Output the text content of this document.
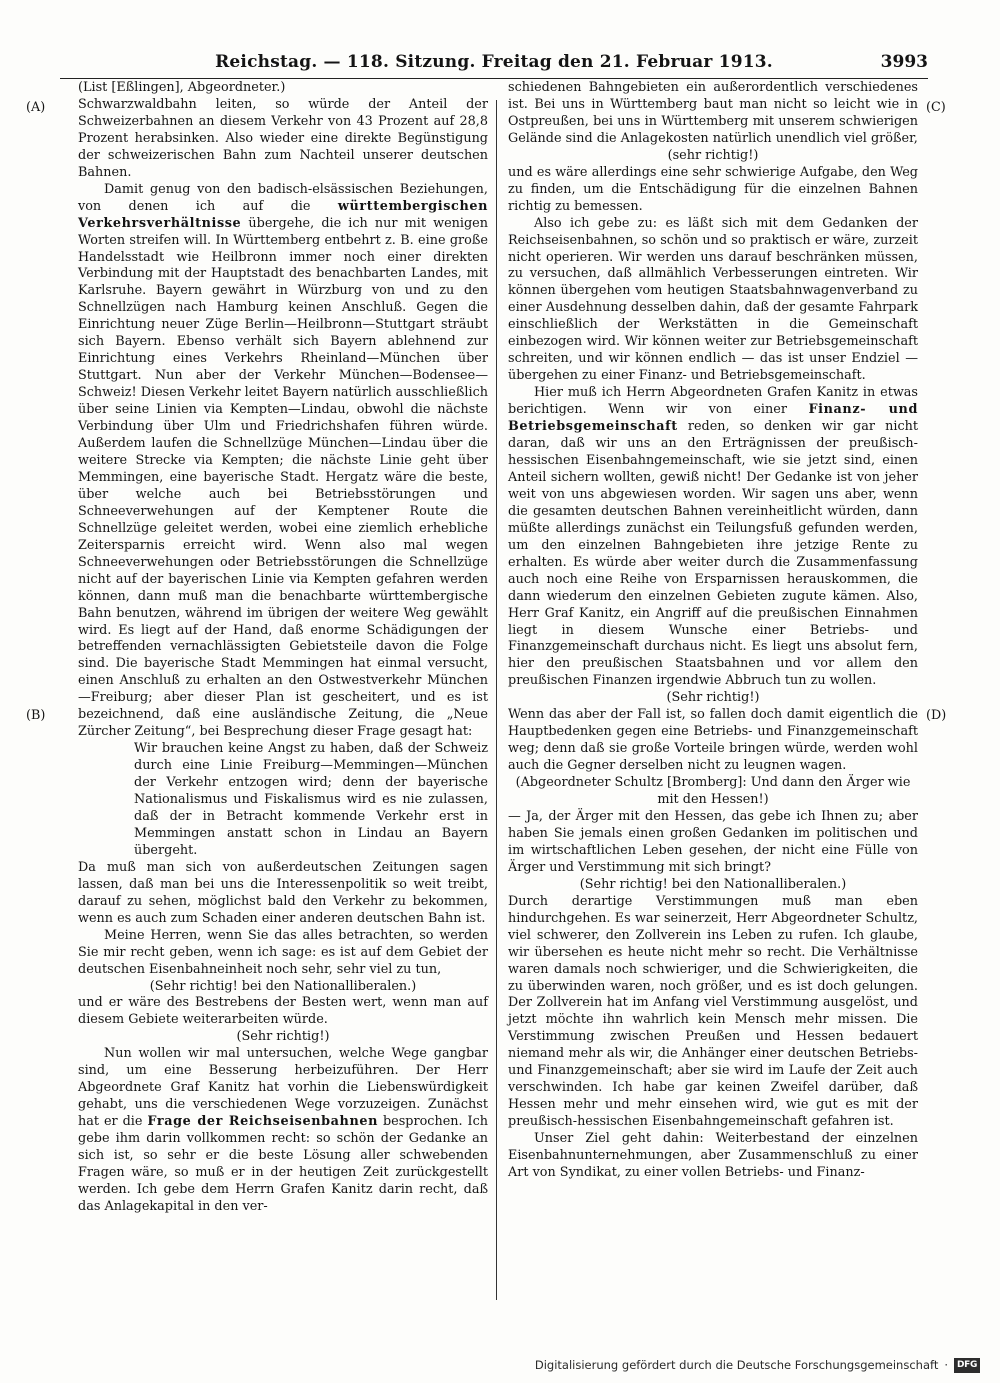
Reichstag. — 118. Sitzung. Freitag den 21. Februar 1913.	3993
(A)
(B)
(C)
(D)

(List [Eßlingen], Abgeordneter.)

Schwarzwaldbahn leiten, so würde der Anteil der Schweizerbahnen an diesem Verkehr von 43 Prozent auf 28,8 Prozent herabsinken. Also wieder eine direkte Begünstigung der schweizerischen Bahn zum Nachteil unserer deutschen Bahnen.

Damit genug von den badisch-elsässischen Beziehungen, von denen ich auf die württembergischen Verkehrsverhältnisse übergehe, die ich nur mit wenigen Worten streifen will. In Württemberg entbehrt z. B. eine große Handelsstadt wie Heilbronn immer noch einer direkten Verbindung mit der Hauptstadt des benachbarten Landes, mit Karlsruhe. Bayern gewährt in Würzburg von und zu den Schnellzügen nach Hamburg keinen Anschluß. Gegen die Einrichtung neuer Züge Berlin—Heilbronn—Stuttgart sträubt sich Bayern. Ebenso verhält sich Bayern ablehnend zur Einrichtung eines Verkehrs Rheinland—München über Stuttgart. Nun aber der Verkehr München—Bodensee—Schweiz! Diesen Verkehr leitet Bayern natürlich ausschließlich über seine Linien via Kempten—Lindau, obwohl die nächste Verbindung über Ulm und Friedrichshafen führen würde. Außerdem laufen die Schnellzüge München—Lindau über die weitere Strecke via Kempten; die nächste Linie geht über Memmingen, eine bayerische Stadt. Hergatz wäre die beste, über welche auch bei Betriebsstörungen und Schneeverwehungen auf der Kemptener Route die Schnellzüge geleitet werden, wobei eine ziemlich erhebliche Zeitersparnis erreicht wird. Wenn also mal wegen Schneeverwehungen oder Betriebsstörungen die Schnellzüge nicht auf der bayerischen Linie via Kempten gefahren werden können, dann muß man die benachbarte württembergische Bahn benutzen, während im übrigen der weitere Weg gewählt wird. Es liegt auf der Hand, daß enorme Schädigungen der betreffenden vernachlässigten Gebietsteile davon die Folge sind. Die bayerische Stadt Memmingen hat einmal versucht, einen Anschluß zu erhalten an den Ostwestverkehr München—Freiburg; aber dieser Plan ist gescheitert, und es ist bezeichnend, daß eine ausländische Zeitung, die „Neue Zürcher Zeitung“, bei Besprechung dieser Frage gesagt hat:

Wir brauchen keine Angst zu haben, daß der Schweiz durch eine Linie Freiburg—Memmingen—München der Verkehr entzogen wird; denn der bayerische Nationalismus und Fiskalismus wird es nie zulassen, daß der in Betracht kommende Verkehr erst in Memmingen anstatt schon in Lindau an Bayern übergeht.

Da muß man sich von außerdeutschen Zeitungen sagen lassen, daß man bei uns die Interessenpolitik so weit treibt, darauf zu sehen, möglichst bald den Verkehr zu bekommen, wenn es auch zum Schaden einer anderen deutschen Bahn ist.

Meine Herren, wenn Sie das alles betrachten, so werden Sie mir recht geben, wenn ich sage: es ist auf dem Gebiet der deutschen Eisenbahneinheit noch sehr, sehr viel zu tun,

(Sehr richtig! bei den Nationalliberalen.)

und er wäre des Bestrebens der Besten wert, wenn man auf diesem Gebiete weiterarbeiten würde.

(Sehr richtig!)

Nun wollen wir mal untersuchen, welche Wege gangbar sind, um eine Besserung herbeizuführen. Der Herr Abgeordnete Graf Kanitz hat vorhin die Liebenswürdigkeit gehabt, uns die verschiedenen Wege vorzuzeigen. Zunächst hat er die Frage der Reichseisenbahnen besprochen. Ich gebe ihm darin vollkommen recht: so schön der Gedanke an sich ist, so sehr er die beste Lösung aller schwebenden Fragen wäre, so muß er in der heutigen Zeit zurückgestellt werden. Ich gebe dem Herrn Grafen Kanitz darin recht, daß das Anlagekapital in den ver-

schiedenen Bahngebieten ein außerordentlich verschiedenes ist. Bei uns in Württemberg baut man nicht so leicht wie in Ostpreußen, bei uns in Württemberg mit unserem schwierigen Gelände sind die Anlagekosten natürlich unendlich viel größer,

(sehr richtig!)

und es wäre allerdings eine sehr schwierige Aufgabe, den Weg zu finden, um die Entschädigung für die einzelnen Bahnen richtig zu bemessen.

Also ich gebe zu: es läßt sich mit dem Gedanken der Reichseisenbahnen, so schön und so praktisch er wäre, zurzeit nicht operieren. Wir werden uns darauf beschränken müssen, zu versuchen, daß allmählich Verbesserungen eintreten. Wir können übergehen vom heutigen Staatsbahnwagenverband zu einer Ausdehnung desselben dahin, daß der gesamte Fahrpark einschließlich der Werkstätten in die Gemeinschaft einbezogen wird. Wir können weiter zur Betriebsgemeinschaft schreiten, und wir können endlich — das ist unser Endziel — übergehen zu einer Finanz- und Betriebsgemeinschaft.

Hier muß ich Herrn Abgeordneten Grafen Kanitz in etwas berichtigen. Wenn wir von einer Finanz- und Betriebsgemeinschaft reden, so denken wir gar nicht daran, daß wir uns an den Erträgnissen der preußisch-hessischen Eisenbahngemeinschaft, wie sie jetzt sind, einen Anteil sichern wollten, gewiß nicht! Der Gedanke ist von jeher weit von uns abgewiesen worden. Wir sagen uns aber, wenn die gesamten deutschen Bahnen vereinheitlicht würden, dann müßte allerdings zunächst ein Teilungsfuß gefunden werden, um den einzelnen Bahngebieten ihre jetzige Rente zu erhalten. Es würde aber weiter durch die Zusammenfassung auch noch eine Reihe von Ersparnissen herauskommen, die dann wiederum den einzelnen Gebieten zugute kämen. Also, Herr Graf Kanitz, ein Angriff auf die preußischen Einnahmen liegt in diesem Wunsche einer Betriebs- und Finanzgemeinschaft durchaus nicht. Es liegt uns absolut fern, hier den preußischen Staatsbahnen und vor allem den preußischen Finanzen irgendwie Abbruch tun zu wollen.

(Sehr richtig!)

Wenn das aber der Fall ist, so fallen doch damit eigentlich die Hauptbedenken gegen eine Betriebs- und Finanzgemeinschaft weg; denn daß sie große Vorteile bringen würde, werden wohl auch die Gegner derselben nicht zu leugnen wagen.

(Abgeordneter Schultz [Bromberg]: Und dann den Ärger wie mit den Hessen!)

— Ja, der Ärger mit den Hessen, das gebe ich Ihnen zu; aber haben Sie jemals einen großen Gedanken im politischen und im wirtschaftlichen Leben gesehen, der nicht eine Fülle von Ärger und Verstimmung mit sich bringt?

(Sehr richtig! bei den Nationalliberalen.)

Durch derartige Verstimmungen muß man eben hindurchgehen. Es war seinerzeit, Herr Abgeordneter Schultz, viel schwerer, den Zollverein ins Leben zu rufen. Ich glaube, wir übersehen es heute nicht mehr so recht. Die Verhältnisse waren damals noch schwieriger, und die Schwierigkeiten, die zu überwinden waren, noch größer, und es ist doch gelungen. Der Zollverein hat im Anfang viel Verstimmung ausgelöst, und jetzt möchte ihn wahrlich kein Mensch mehr missen. Die Verstimmung zwischen Preußen und Hessen bedauert niemand mehr als wir, die Anhänger einer deutschen Betriebs- und Finanzgemeinschaft; aber sie wird im Laufe der Zeit auch verschwinden. Ich habe gar keinen Zweifel darüber, daß Hessen mehr und mehr einsehen wird, wie gut es mit der preußisch-hessischen Eisenbahngemeinschaft gefahren ist.

Unser Ziel geht dahin: Weiterbestand der einzelnen Eisenbahnunternehmungen, aber Zusammenschluß zu einer Art von Syndikat, zu einer vollen Betriebs- und Finanz-

Digitalisierung gefördert durch die Deutsche Forschungsgemeinschaft · DFG
